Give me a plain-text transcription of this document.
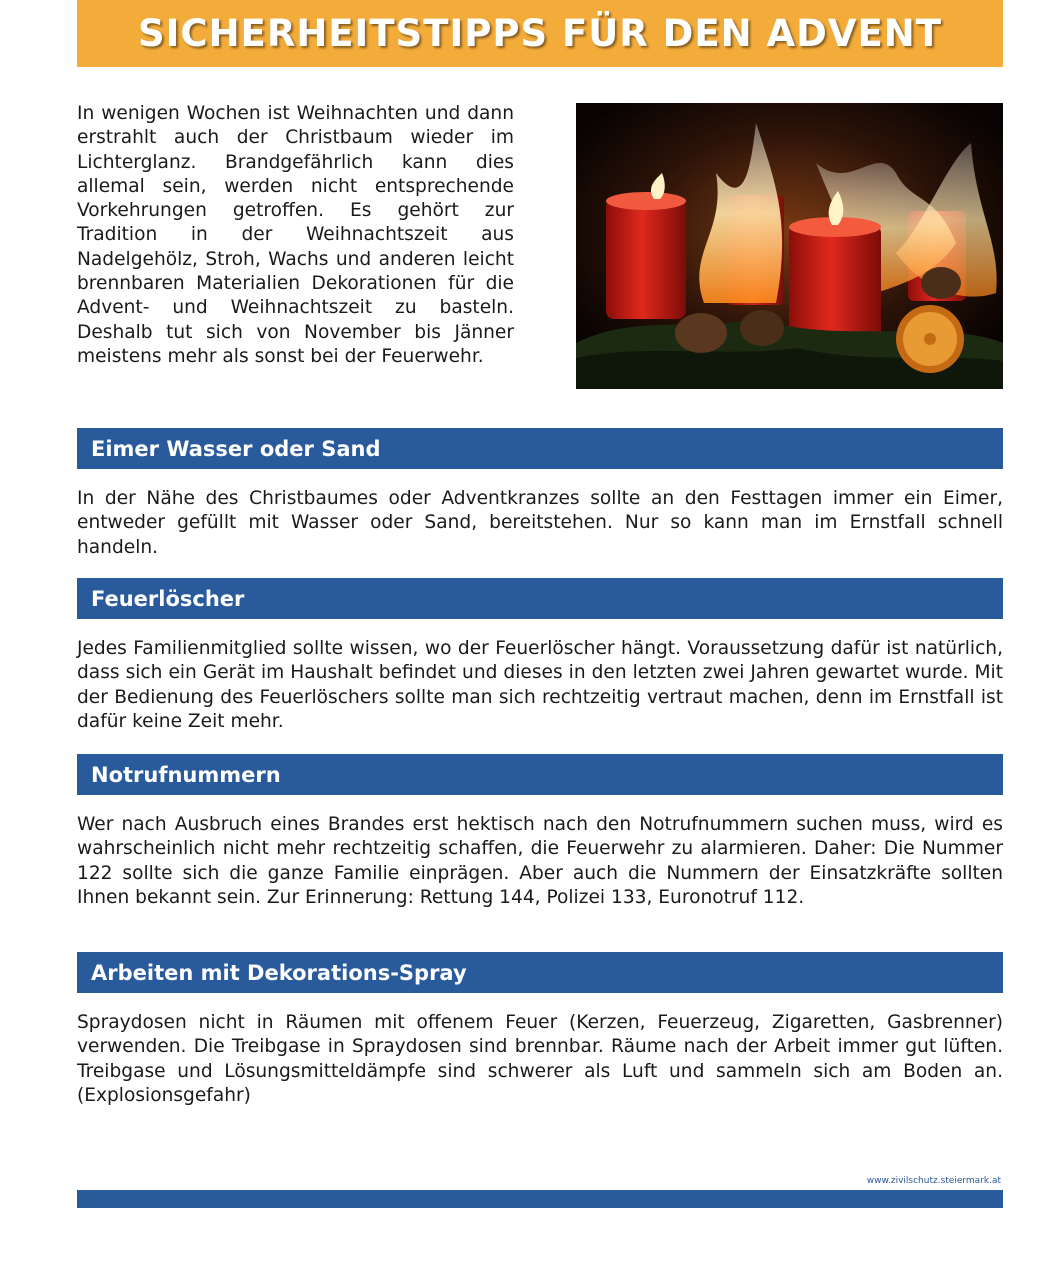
SICHERHEITSTIPPS FÜR DEN ADVENT

In wenigen Wochen ist Weihnachten und dann erstrahlt auch der Christbaum wieder im Lichterglanz. Brandgefährlich kann dies allemal sein, werden nicht entsprechende Vorkehrungen getroffen. Es gehört zur Tradition in der Weihnachtszeit aus Nadelgehölz, Stroh, Wachs und anderen leicht brennbaren Materialien Dekorationen für die Advent- und Weihnachtszeit zu basteln. Deshalb tut sich von November bis Jänner meistens mehr als sonst bei der Feuerwehr.

Eimer Wasser oder Sand

In der Nähe des Christbaumes oder Adventkranzes sollte an den Festtagen immer ein Eimer, entweder gefüllt mit Wasser oder Sand, bereitstehen. Nur so kann man im Ernstfall schnell handeln.

Feuerlöscher

Jedes Familienmitglied sollte wissen, wo der Feuerlöscher hängt. Voraussetzung dafür ist natürlich, dass sich ein Gerät im Haushalt befindet und dieses in den letzten zwei Jahren gewartet wurde. Mit der Bedienung des Feuerlöschers sollte man sich rechtzeitig vertraut machen, denn im Ernstfall ist dafür keine Zeit mehr.

Notrufnummern

Wer nach Ausbruch eines Brandes erst hektisch nach den Notrufnummern suchen muss, wird es wahrscheinlich nicht mehr rechtzeitig schaffen, die Feuerwehr zu alarmieren. Daher: Die Nummer 122 sollte sich die ganze Familie einprägen. Aber auch die Nummern der Einsatzkräfte sollten Ihnen bekannt sein. Zur Erinnerung: Rettung 144, Polizei 133, Euronotruf 112.

Arbeiten mit Dekorations-Spray

Spraydosen nicht in Räumen mit offenem Feuer (Kerzen, Feuerzeug, Zigaretten, Gasbrenner) verwenden. Die Treibgase in Spraydosen sind brennbar. Räume nach der Arbeit immer gut lüften. Treibgase und Lösungsmitteldämpfe sind schwerer als Luft und sammeln sich am Boden an. (Explosionsgefahr)

www.zivilschutz.steiermark.at
